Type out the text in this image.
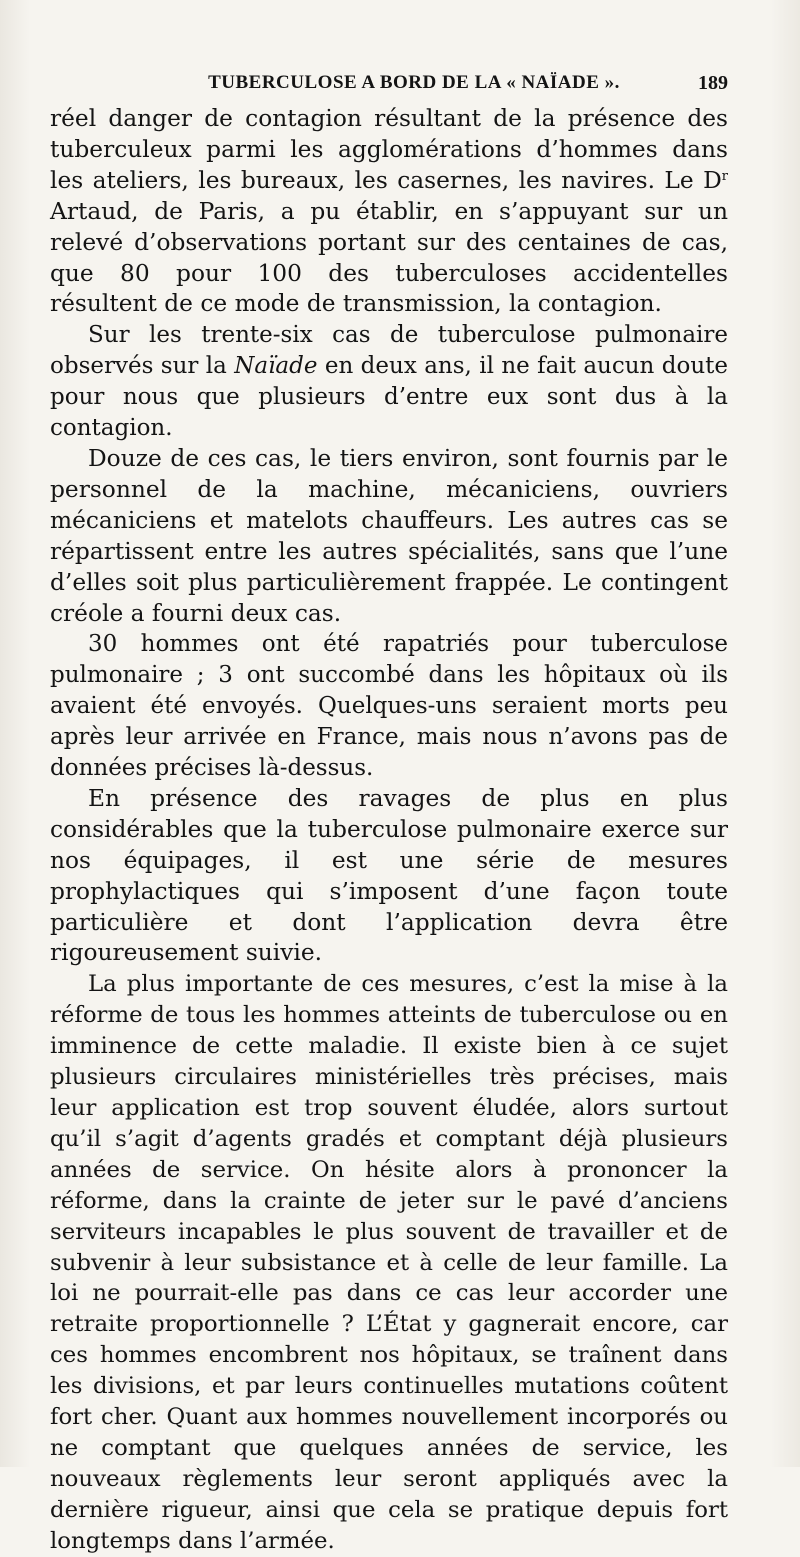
TUBERCULOSE A BORD DE LA « NAÏADE ».	189

réel danger de contagion résultant de la présence des tuberculeux parmi les agglomérations d’hommes dans les ateliers, les bureaux, les casernes, les navires. Le $D^r$ Artaud, de Paris, a pu établir, en s’appuyant sur un relevé d’observations portant sur des centaines de cas, que 80 pour 100 des tuberculoses accidentelles résultent de ce mode de transmission, la contagion.

Sur les trente-six cas de tuberculose pulmonaire observés sur la Naïade en deux ans, il ne fait aucun doute pour nous que plusieurs d’entre eux sont dus à la contagion.

Douze de ces cas, le tiers environ, sont fournis par le personnel de la machine, mécaniciens, ouvriers mécaniciens et matelots chauffeurs. Les autres cas se répartissent entre les autres spécialités, sans que l’une d’elles soit plus particulièrement frappée. Le contingent créole a fourni deux cas.

30 hommes ont été rapatriés pour tuberculose pulmonaire ; 3 ont succombé dans les hôpitaux où ils avaient été envoyés. Quelques-uns seraient morts peu après leur arrivée en France, mais nous n’avons pas de données précises là-dessus.

En présence des ravages de plus en plus considérables que la tuberculose pulmonaire exerce sur nos équipages, il est une série de mesures prophylactiques qui s’imposent d’une façon toute particulière et dont l’application devra être rigoureusement suivie.

La plus importante de ces mesures, c’est la mise à la réforme de tous les hommes atteints de tuberculose ou en imminence de cette maladie. Il existe bien à ce sujet plusieurs circulaires ministérielles très précises, mais leur application est trop souvent éludée, alors surtout qu’il s’agit d’agents gradés et comptant déjà plusieurs années de service. On hésite alors à prononcer la réforme, dans la crainte de jeter sur le pavé d’anciens serviteurs incapables le plus souvent de travailler et de subvenir à leur subsistance et à celle de leur famille. La loi ne pourrait-elle pas dans ce cas leur accorder une retraite proportionnelle ? L’État y gagnerait encore, car ces hommes encombrent nos hôpitaux, se traînent dans les divisions, et par leurs continuelles mutations coûtent fort cher. Quant aux hommes nouvellement incorporés ou ne comptant que quelques années de service, les nouveaux règlements leur seront appliqués avec la dernière rigueur, ainsi que cela se pratique depuis fort longtemps dans l’armée.
